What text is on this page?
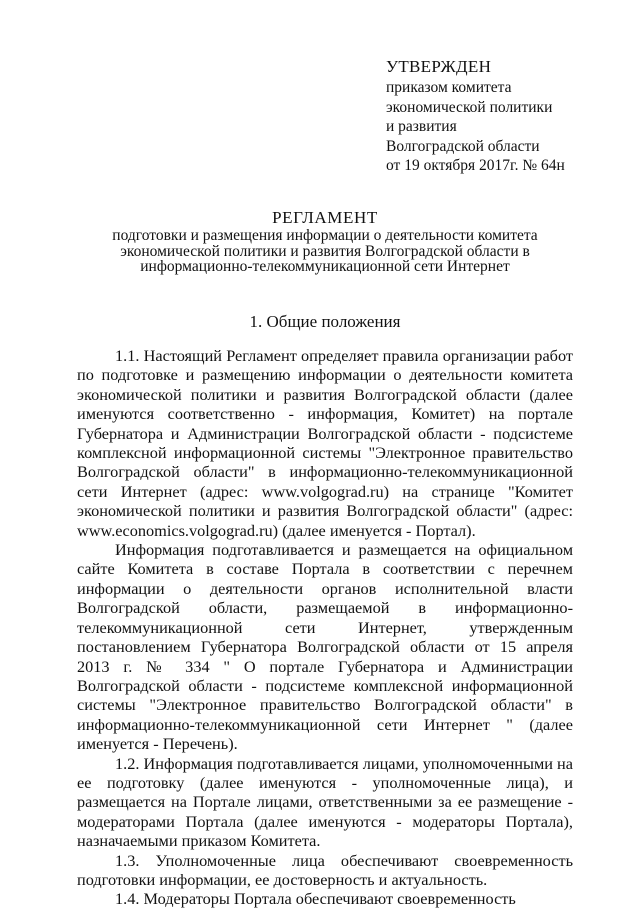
УТВЕРЖДЕН
приказом комитета
экономической политики
и развития
Волгоградской области
от 19 октября 2017г. № 64н
РЕГЛАМЕНТ
подготовки и размещения информации о деятельности комитета
экономической политики и развития Волгоградской области в
информационно-телекоммуникационной сети Интернет
1. Общие положения

1.1. Настоящий Регламент определяет правила организации работ по подготовке и размещению информации о деятельности комитета экономической политики и развития Волгоградской области (далее именуются соответственно - информация, Комитет) на портале Губернатора и Администрации Волгоградской области - подсистеме комплексной информационной системы "Электронное правительство Волгоградской области" в информационно-телекоммуникационной сети Интернет (адрес: www.volgograd.ru) на странице "Комитет экономической политики и развития Волгоградской области" (адрес: www.economics.volgograd.ru) (далее именуется - Портал).

Информация подготавливается и размещается на официальном сайте Комитета в составе Портала в соответствии с перечнем информации о деятельности органов исполнительной власти Волгоградской области, размещаемой в информационно-телекоммуникационной сети Интернет, утвержденным постановлением Губернатора Волгоградской области от 15 апреля 2013 г. № 334 " О портале Губернатора и Администрации Волгоградской области - подсистеме комплексной информационной системы "Электронное правительство Волгоградской области" в информационно-телекоммуникационной сети Интернет " (далее именуется - Перечень).

1.2. Информация подготавливается лицами, уполномоченными на ее подготовку (далее именуются - уполномоченные лица), и размещается на Портале лицами, ответственными за ее размещение - модераторами Портала (далее именуются - модераторы Портала), назначаемыми приказом Комитета.

1.3. Уполномоченные лица обеспечивают своевременность подготовки информации, ее достоверность и актуальность.

1.4. Модераторы Портала обеспечивают своевременность
